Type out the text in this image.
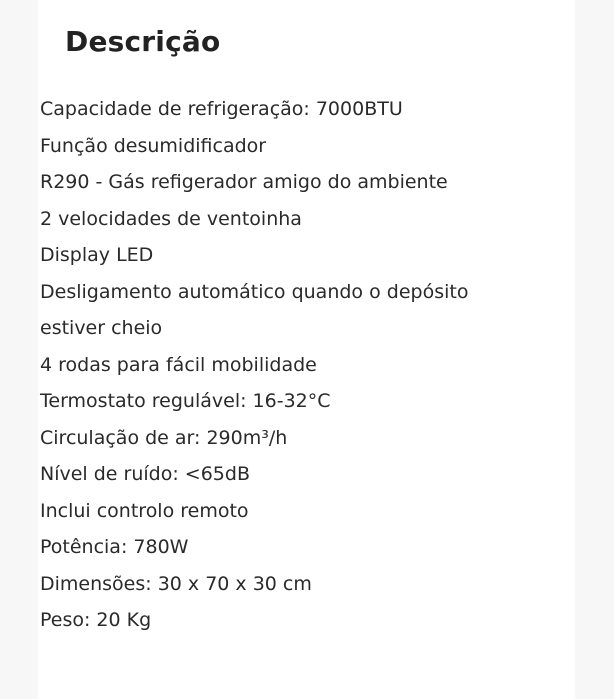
Descrição
Capacidade de refrigeração: 7000BTU
Função desumidificador
R290 - Gás refigerador amigo do ambiente
2 velocidades de ventoinha
Display LED
Desligamento automático quando o depósito
estiver cheio
4 rodas para fácil mobilidade
Termostato regulável: 16-32°C
Circulação de ar: 290m³/h
Nível de ruído: <65dB
Inclui controlo remoto
Potência: 780W
Dimensões: 30 x 70 x 30 cm
Peso: 20 Kg
